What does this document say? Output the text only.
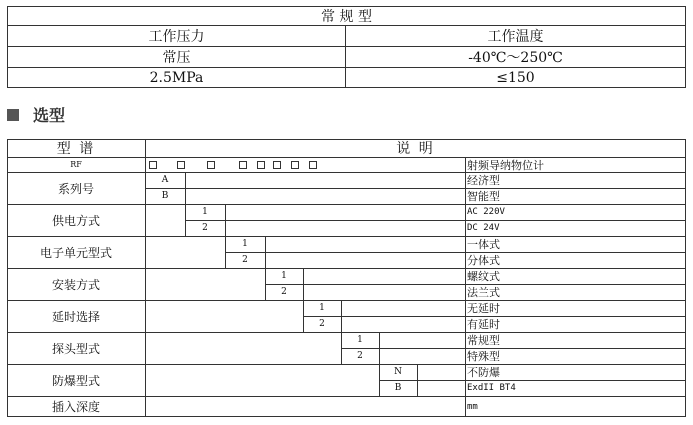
常 规 型
工作压力	工作温度
常压	-40℃～250℃
2.5MPa	≤150
选型
型 谱	说 明
RF	射频导纳物位计
系列号
A	经济型
B	智能型
供电方式
1	AC 220V
2	DC 24V
电子单元型式
1	一体式
2	分体式
安装方式
1	螺纹式
2	法兰式
延时选择
1	无延时
2	有延时
探头型式
1	常规型
2	特殊型
防爆型式
N	不防爆
B	ExdII BT4
插入深度	mm
